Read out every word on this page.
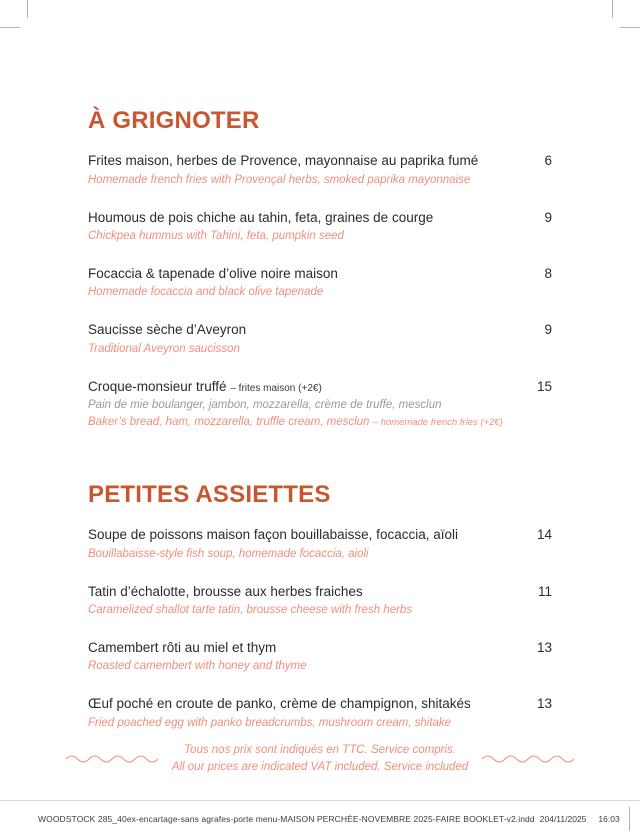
À GRIGNOTER
Frites maison, herbes de Provence, mayonnaise au paprika fumé	6
Homemade french fries with Provençal herbs, smoked paprika mayonnaise
Houmous de pois chiche au tahin, feta, graines de courge	9
Chickpea hummus with Tahini, feta, pumpkin seed
Focaccia & tapenade d’olive noire maison	8
Homemade focaccia and black olive tapenade
Saucisse sèche d’Aveyron	9
Traditional Aveyron saucisson
Croque-monsieur truffé – frites maison (+2€)	15
Pain de mie boulanger, jambon, mozzarella, crème de truffe, mesclun
Baker’s bread, ham, mozzarella, truffle cream, mesclun – homemade french fries (+2€)
PETITES ASSIETTES
Soupe de poissons maison façon bouillabaisse, focaccia, aïoli	14
Bouillabaisse-style fish soup, homemade focaccia, aioli
Tatin d’échalotte, brousse aux herbes fraiches	11
Caramelized shallot tarte tatin, brousse cheese with fresh herbs
Camembert rôti au miel et thym	13
Roasted camembert with honey and thyme
Œuf poché en croute de panko, crème de champignon, shitakés	13
Fried poached egg with panko breadcrumbs, mushroom cream, shitake
Tous nos prix sont indiqués en TTC. Service compris.
All our prices are indicated VAT included. Service included
WOODSTOCK 285_40ex-encartage-sans agrafes-porte menu-MAISON PERCHÉE-NOVEMBRE 2025-FAIRE BOOKLET-v2.indd 2 04/11/2025 16:03
